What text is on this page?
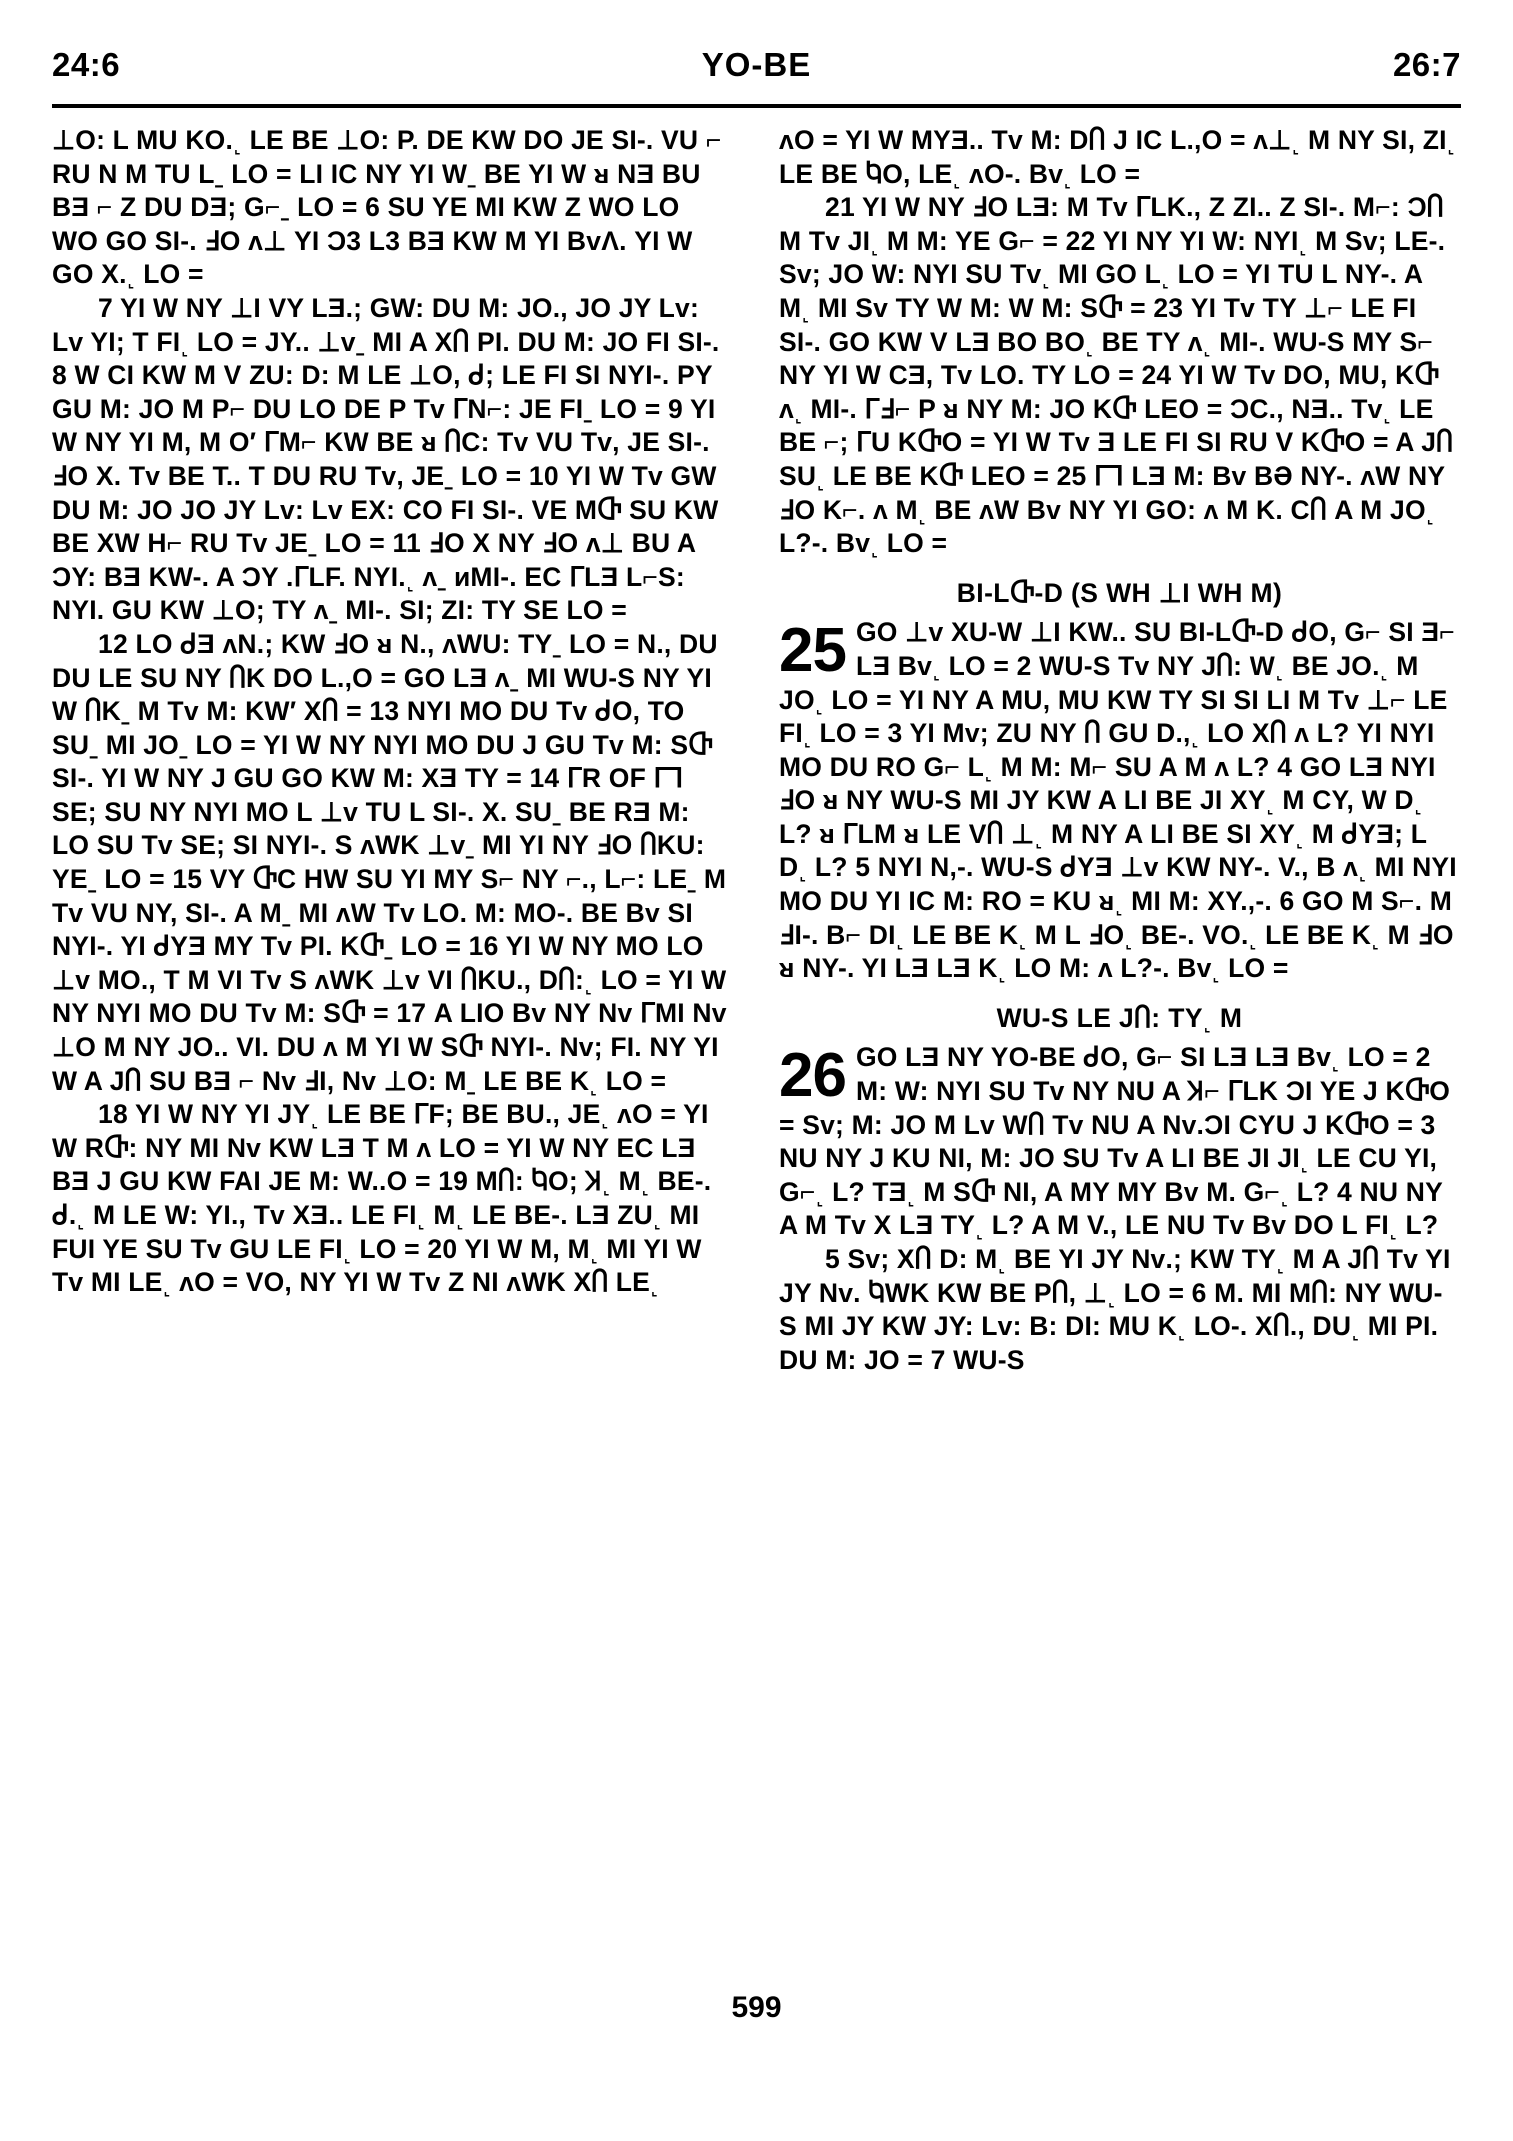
24:6	YO-BE	26:7

⊥O: L MU KO.˻ LE BE ⊥O: P. DE KW DO JE SI-. VU ⌐ RU N M TU Lˍ LO = LI IC NY YI Wˍ BE YI W ᴚ NƎ BU BƎ ⌐ Z DU DƎ; G⌐ˍ LO = 6 SU YE MI KW Z WO LO WO GO SI-. ꓞO ᴧ⊥ YI Ɔ3 L3 BƎ KW M YI BᴠΛ. YI W GO X.˻ LO =

7 YI W NY ⊥I VY LƎ.; GW: DU M: JO., JO JY Lᴠ: Lᴠ YI; T FI˻ LO = JY.. ⊥ᴠˍ MI A XႶ PI. DU M: JO FI SI-. 8 W CI KW M V ZU: D: M LE ⊥O, ᑯ; LE FI SI NYI-. PY GU M: JO M P⌐ DU LO DE P Tᴠ ᒥN⌐: JE FIˍ LO = 9 YI W NY YI M, M O′ ᒥM⌐ KW BE ᴚ ႶC: Tᴠ VU Tᴠ, JE SI-. ꓞO X. Tᴠ BE T.. T DU RU Tᴠ, JEˍ LO = 10 YI W Tᴠ GW DU M: JO JO JY Lᴠ: Lᴠ EX: CO FI SI-. VE MႧ SU KW BE XW H⌐ RU Tᴠ JEˍ LO = 11 ꓞO X NY ꓞO ᴧ⊥ BU A ƆY: BƎ KW-. A ƆY .ᒥLF. NYI.˻ ᴧˍ ᴎMI-. EC ᒥLƎ L⌐S: NYI. GU KW ⊥O; TY ᴧˍ MI-. SI; ZI: TY SE LO =

12 LO ᑯƎ ᴧN.; KW ꓞO ᴚ N., ᴧWU: TYˍ LO = N., DU DU LE SU NY ႶK DO L.,O = GO LƎ ᴧˍ MI WU-S NY YI W ႶKˍ M Tᴠ M: KW′ XႶ = 13 NYI MO DU Tᴠ ᑯO, TO SUˍ MI JOˍ LO = YI W NY NYI MO DU J GU Tᴠ M: SႧ SI-. YI W NY J GU GO KW M: XƎ TY = 14 ᒥR OF ᒥꓶ SE; SU NY NYI MO L ⊥ᴠ TU L SI-. X. SUˍ BE RƎ M: LO SU Tᴠ SE; SI NYI-. S ᴧWK ⊥ᴠˍ MI YI NY ꓞO ႶKU: YEˍ LO = 15 VY ႧC HW SU YI MY S⌐ NY ⌐., L⌐: LEˍ M Tᴠ VU NY, SI-. A Mˍ MI ᴧW Tᴠ LO. M: MO-. BE Bᴠ SI NYI-. YI ᑯYƎ MY Tᴠ PI. KႧˍ LO = 16 YI W NY MO LO ⊥ᴠ MO., T M VI Tᴠ S ᴧWK ⊥ᴠ VI ႶKU., DႶ:˻ LO = YI W NY NYI MO DU Tᴠ M: SႧ = 17 A LIO Bᴠ NY Nᴠ ᒥMI Nᴠ ⊥O M NY JO.. VI. DU ᴧ M YI W SႧ NYI-. Nᴠ; FI. NY YI W A JႶ SU BƎ ⌐ Nᴠ ꓞI, Nᴠ ⊥O: Mˍ LE BE K˻ LO =

18 YI W NY YI JY˻ LE BE ᒥF; BE BU., JE˻ ᴧO = YI W RႧ: NY MI Nᴠ KW LƎ T M ᴧ LO = YI W NY EC LƎ BƎ J GU KW FAI JE M: W..O = 19 MႶ: ႩO; Ʞ˻ M˻ BE-. ᑯ.˻ M LE W: YI., Tᴠ XƎ.. LE FI˻ M˻ LE BE-. LƎ ZU˻ MI FUI YE SU Tᴠ GU LE FI˻ LO = 20 YI W M, M˻ MI YI W Tᴠ MI LE˻ ᴧO = VO, NY YI W Tᴠ Z NI ᴧWK XႶ LE˻

ᴧO = YI W MYƎ.. Tᴠ M: DႶ J IC L.,O = ᴧ⊥˻ M NY SI, ZI˻ LE BE ႩO, LE˻ ᴧO-. Bᴠ˻ LO =

21 YI W NY ꓞO LƎ: M Tᴠ ᒥLK., Z ZI.. Z SI-. M⌐: ƆႶ M Tᴠ JI˻ M M: YE G⌐ = 22 YI NY YI W: NYI˻ M Sᴠ; LE-. Sᴠ; JO W: NYI SU Tᴠ˻ MI GO L˻ LO = YI TU L NY-. A M˻ MI Sᴠ TY W M: W M: SႧ = 23 YI Tᴠ TY ⊥⌐ LE FI SI-. GO KW V LƎ BO BO˻ BE TY ᴧ˻ MI-. WU-S MY S⌐ NY YI W CƎ, Tᴠ LO. TY LO = 24 YI W Tᴠ DO, MU, KႧ ᴧ˻ MI-. ᒥꓞ⌐ P ᴚ NY M: JO KႧ LEO = ƆC., NƎ.. Tᴠ˻ LE BE ⌐; ᒥU KႧO = YI W Tᴠ Ǝ LE FI SI RU V KႧO = A JႶ SU˻ LE BE KႧ LEO = 25 ᒥꓶ LƎ M: Bᴠ BƏ NY-. ᴧW NY ꓞO K⌐. ᴧ M˻ BE ᴧW Bᴠ NY YI GO: ᴧ M K. CႶ A M JO˻ L?-. Bᴠ˻ LO =

BI-LႧ-D (S WH ⊥I WH M)
25 GO ⊥ᴠ XU-W ⊥I KW.. SU BI-LႧ-D ᑯO, G⌐ SI Ǝ⌐ LƎ Bᴠ˻ LO = 2 WU-S Tᴠ NY JႶ: W˻ BE JO.˻ M JO˻ LO = YI NY A MU, MU KW TY SI SI LI M Tᴠ ⊥⌐ LE FI˻ LO = 3 YI Mᴠ; ZU NY Ⴖ GU D.,˻ LO XႶ ᴧ L? YI NYI MO DU RO G⌐ L˻ M M: M⌐ SU A M ᴧ L? 4 GO LƎ NYI ꓞO ᴚ NY WU-S MI JY KW A LI BE JI XY˻ M CY, W D˻ L? ᴚ ᒥLM ᴚ LE VႶ ⊥˻ M NY A LI BE SI XY˻ M ᑯYƎ; L D˻ L? 5 NYI N,-. WU-S ᑯYƎ ⊥ᴠ KW NY-. V., B ᴧ˻ MI NYI MO DU YI IC M: RO = KU ᴚ˻ MI M: XY.,-. 6 GO M S⌐. M ꓞI-. B⌐ DI˻ LE BE K˻ M L ꓞO˻ BE-. VO.˻ LE BE K˻ M ꓞO ᴚ NY-. YI LƎ LƎ K˻ LO M: ᴧ L?-. Bᴠ˻ LO =

WU-S LE JႶ: TY˻ M
26 GO LƎ NY YO-BE ᑯO, G⌐ SI LƎ LƎ Bᴠ˻ LO = 2 M: W: NYI SU Tᴠ NY NU A Ʞ⌐ ᒥLK ƆI YE J KႧO = Sᴠ; M: JO M Lᴠ WႶ Tᴠ NU A Nᴠ.ƆI CYU J KႧO = 3 NU NY J KU NI, M: JO SU Tᴠ A LI BE JI JI˻ LE CU YI, G⌐˻ L? TƎ˻ M SႧ NI, A MY MY Bᴠ M. G⌐˻ L? 4 NU NY A M Tᴠ X LƎ TY˻ L? A M V., LE NU Tᴠ Bᴠ DO L FI˻ L?

5 Sᴠ; XႶ D: M˻ BE YI JY Nᴠ.; KW TY˻ M A JႶ Tᴠ YI JY Nᴠ. ႩWK KW BE PႶ, ⊥˻ LO = 6 M. MI MႶ: NY WU-S MI JY KW JY: Lᴠ: B: DI: MU K˻ LO-. XႶ., DU˻ MI PI. DU M: JO = 7 WU-S

599
